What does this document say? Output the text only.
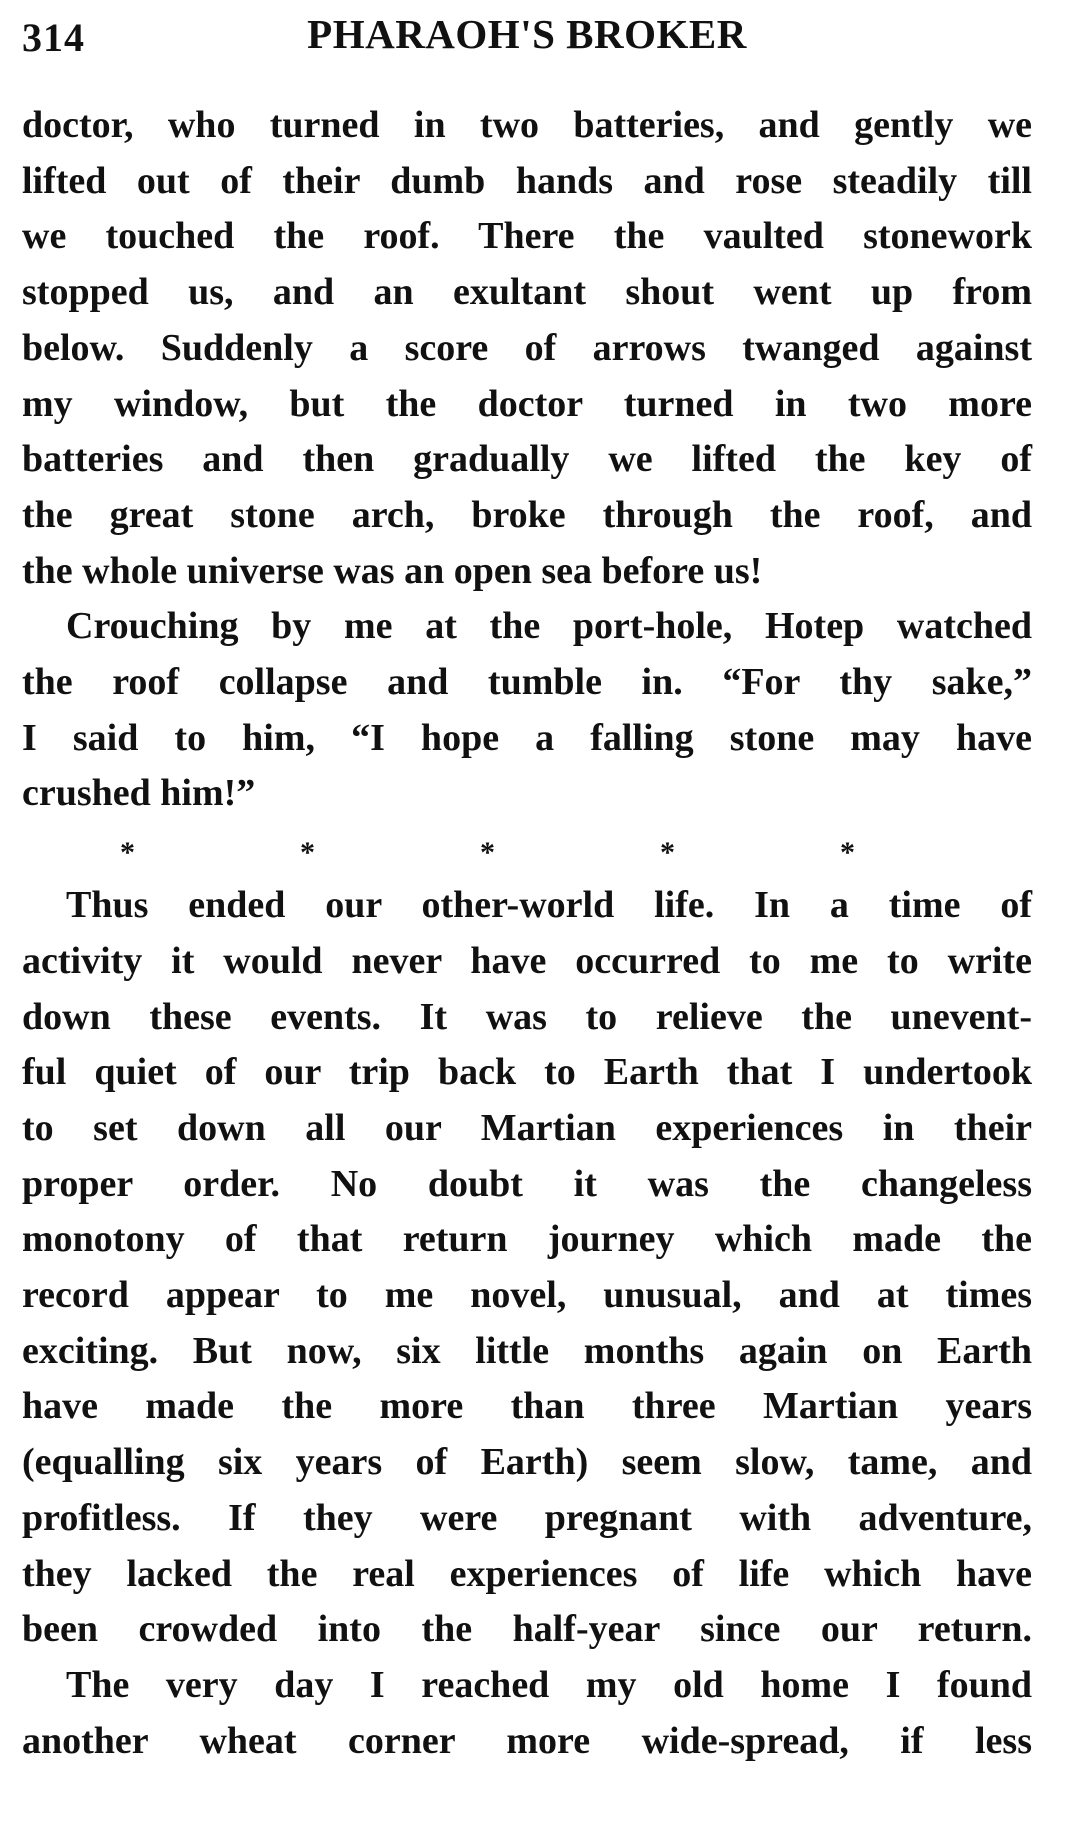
314	PHARAOH'S BROKER

doctor, who turned in two batteries, and gently we
lifted out of their dumb hands and rose steadily till
we touched the roof. There the vaulted stonework
stopped us, and an exultant shout went up from
below. Suddenly a score of arrows twanged against
my window, but the doctor turned in two more
batteries and then gradually we lifted the key of
the great stone arch, broke through the roof, and
the whole universe was an open sea before us!

Crouching by me at the port-hole, Hotep watched
the roof collapse and tumble in. “For thy sake,”
I said to him, “I hope a falling stone may have
crushed him!”

*	*	*	*	*

Thus ended our other-world life. In a time of
activity it would never have occurred to me to write
down these events. It was to relieve the unevent-
ful quiet of our trip back to Earth that I undertook
to set down all our Martian experiences in their
proper order. No doubt it was the changeless
monotony of that return journey which made the
record appear to me novel, unusual, and at times
exciting. But now, six little months again on Earth
have made the more than three Martian years
(equalling six years of Earth) seem slow, tame, and
profitless. If they were pregnant with adventure,
they lacked the real experiences of life which have
been crowded into the half-year since our return.

The very day I reached my old home I found
another wheat corner more wide-spread, if less
